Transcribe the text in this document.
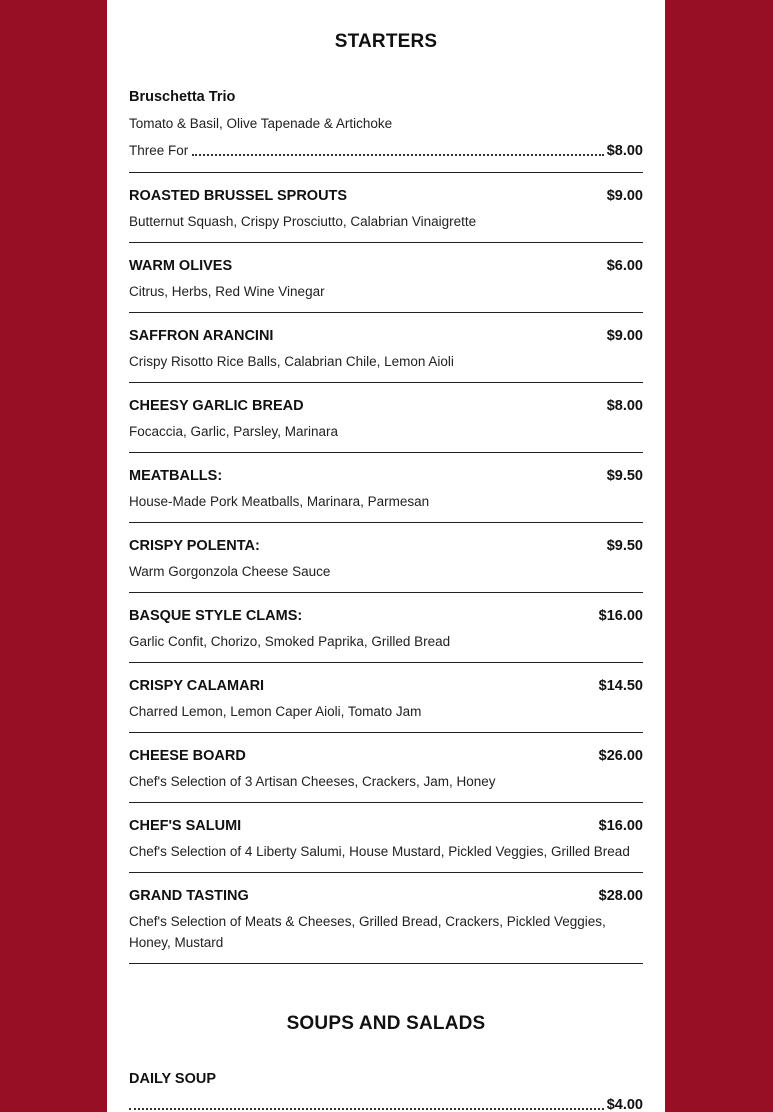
STARTERS
Bruschetta Trio
Tomato & Basil, Olive Tapenade & Artichoke
Three For	$8.00
ROASTED BRUSSEL SPROUTS	$9.00
Butternut Squash, Crispy Prosciutto, Calabrian Vinaigrette
WARM OLIVES	$6.00
Citrus, Herbs, Red Wine Vinegar
SAFFRON ARANCINI	$9.00
Crispy Risotto Rice Balls, Calabrian Chile, Lemon Aioli
CHEESY GARLIC BREAD	$8.00
Focaccia, Garlic, Parsley, Marinara
MEATBALLS:	$9.50
House-Made Pork Meatballs, Marinara, Parmesan
CRISPY POLENTA:	$9.50
Warm Gorgonzola Cheese Sauce
BASQUE STYLE CLAMS:	$16.00
Garlic Confit, Chorizo, Smoked Paprika, Grilled Bread
CRISPY CALAMARI	$14.50
Charred Lemon, Lemon Caper Aioli, Tomato Jam
CHEESE BOARD	$26.00
Chef's Selection of 3 Artisan Cheeses, Crackers, Jam, Honey
CHEF'S SALUMI	$16.00
Chef's Selection of 4 Liberty Salumi, House Mustard, Pickled Veggies, Grilled Bread
GRAND TASTING	$28.00
Chef's Selection of Meats & Cheeses, Grilled Bread, Crackers, Pickled Veggies, Honey, Mustard
SOUPS AND SALADS
DAILY SOUP
$4.00
